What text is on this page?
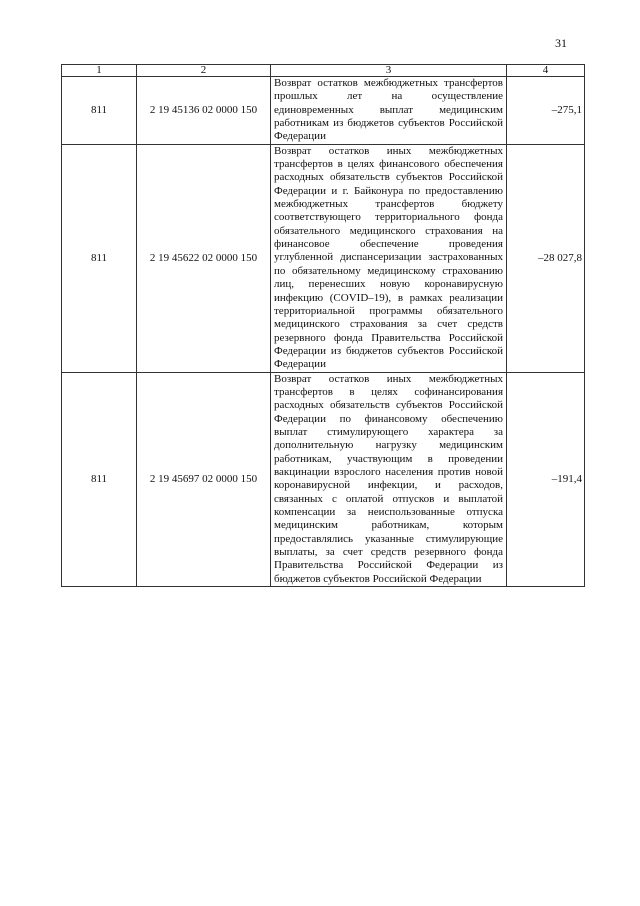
31
1	2	3	4
811	2 19 45136 02 0000 150	Возврат остатков межбюджетных трансфертов прошлых лет на осуществление единовременных выплат медицинским работникам из бюджетов субъектов Российской Федерации	–275,1
811	2 19 45622 02 0000 150	Возврат остатков иных межбюджетных трансфертов в целях финансового обеспечения расходных обязательств субъектов Российской Федерации и г. Байконура по предоставлению межбюджетных трансфертов бюджету соответствующего территориального фонда обязательного медицинского страхования на финансовое обеспечение проведения углубленной диспансеризации застрахованных по обязательному медицинскому страхованию лиц, перенесших новую коронавирусную инфекцию (COVID–19), в рамках реализации территориальной программы обязательного медицинского страхования за счет средств резервного фонда Правительства Российской Федерации из бюджетов субъектов Российской Федерации	–28 027,8
811	2 19 45697 02 0000 150	Возврат остатков иных межбюджетных трансфертов в целях софинансирования расходных обязательств субъектов Российской Федерации по финансовому обеспечению выплат стимулирующего характера за дополнительную нагрузку медицинским работникам, участвующим в проведении вакцинации взрослого населения против новой коронавирусной инфекции, и расходов, связанных с оплатой отпусков и выплатой компенсации за неиспользованные отпуска медицинским работникам, которым предоставлялись указанные стимулирующие выплаты, за счет средств резервного фонда Правительства Российской Федерации из бюджетов субъектов Российской Федерации	–191,4
